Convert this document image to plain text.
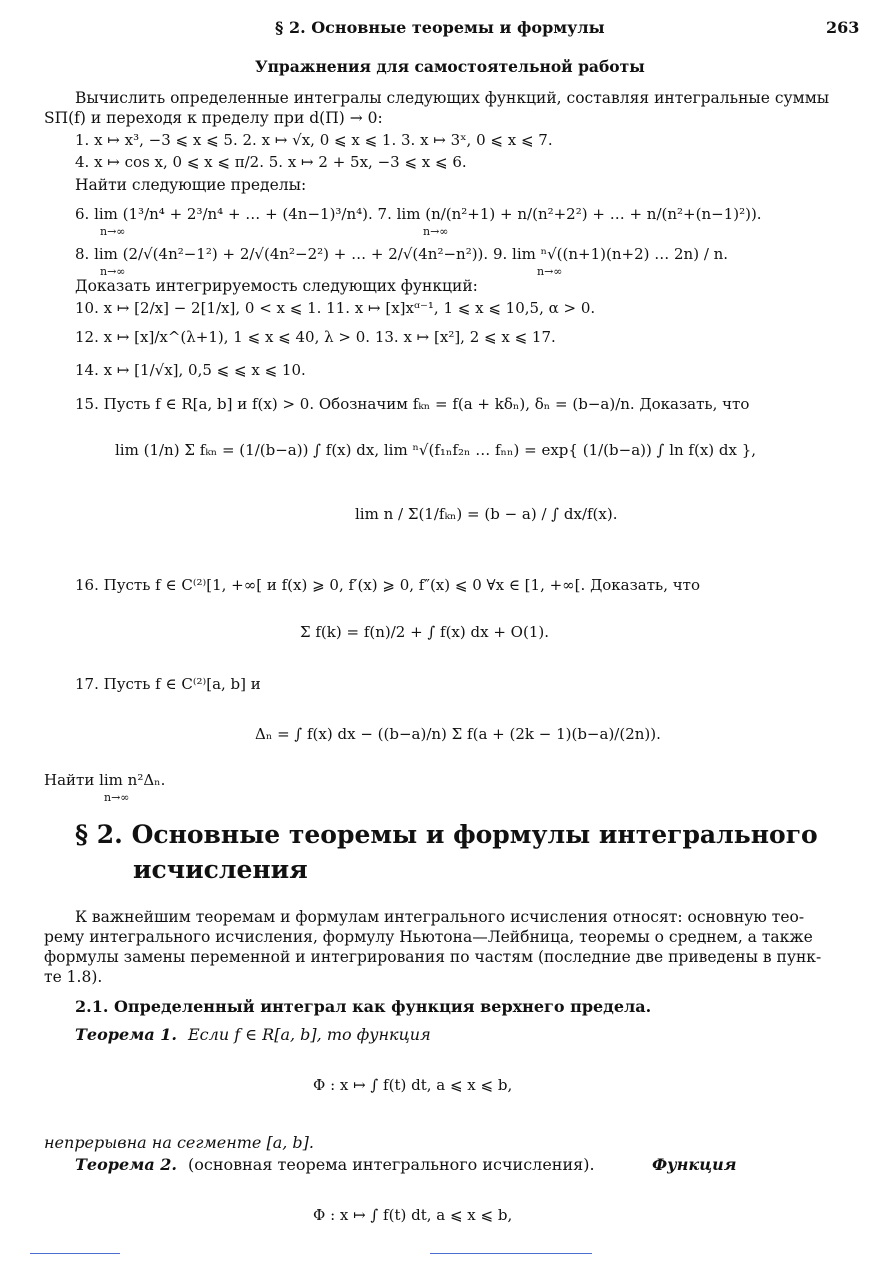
§ 2. Основные теоремы и формулы	263
Упражнения для самостоятельной работы
Вычислить определенные интегралы следующих функций, составляя интегральные суммы
SΠ(f) и переходя к пределу при d(Π) → 0:
1. x ↦ x³, −3 ⩽ x ⩽ 5. 2. x ↦ √x, 0 ⩽ x ⩽ 1. 3. x ↦ 3ˣ, 0 ⩽ x ⩽ 7.
4. x ↦ cos x, 0 ⩽ x ⩽ π/2. 5. x ↦ 2 + 5x, −3 ⩽ x ⩽ 6.
Найти следующие пределы:
6. lim (1³/n⁴ + 2³/n⁴ + … + (4n−1)³/n⁴). 7. lim (n/(n²+1) + n/(n²+2²) + … + n/(n²+(n−1)²)).
n→∞	n→∞
8. lim (2/√(4n²−1²) + 2/√(4n²−2²) + … + 2/√(4n²−n²)). 9. lim ⁿ√((n+1)(n+2) … 2n) / n.
n→∞	n→∞
Доказать интегрируемость следующих функций:
10. x ↦ [2/x] − 2[1/x], 0 < x ⩽ 1. 11. x ↦ [x]xᵅ⁻¹, 1 ⩽ x ⩽ 10,5, α > 0.
12. x ↦ [x]/x^(λ+1), 1 ⩽ x ⩽ 40, λ > 0. 13. x ↦ [x²], 2 ⩽ x ⩽ 17.
14. x ↦ [1/√x], 0,5 ⩽ ⩽ x ⩽ 10.
15. Пусть f ∈ R[a, b] и f(x) > 0. Обозначим fₖₙ = f(a + kδₙ), δₙ = (b−a)/n. Доказать, что
lim (1/n) Σ fₖₙ = (1/(b−a)) ∫ f(x) dx, lim ⁿ√(f₁ₙf₂ₙ … fₙₙ) = exp{ (1/(b−a)) ∫ ln f(x) dx },
lim n / Σ(1/fₖₙ) = (b − a) / ∫ dx/f(x).
16. Пусть f ∈ C⁽²⁾[1, +∞[ и f(x) ⩾ 0, f′(x) ⩾ 0, f″(x) ⩽ 0 ∀x ∈ [1, +∞[. Доказать, что
Σ f(k) = f(n)/2 + ∫ f(x) dx + O(1).
17. Пусть f ∈ C⁽²⁾[a, b] и
Δₙ = ∫ f(x) dx − ((b−a)/n) Σ f(a + (2k − 1)(b−a)/(2n)).
Найти lim n²Δₙ.
n→∞
§ 2. Основные теоремы и формулы интегрального
исчисления
К важнейшим теоремам и формулам интегрального исчисления относят: основную тео-
рему интегрального исчисления, формулу Ньютона—Лейбница, теоремы о среднем, а также
формулы замены переменной и интегрирования по частям (последние две приведены в пунк-
те 1.8).
2.1. Определенный интеграл как функция верхнего предела.
Теорема 1. Если f ∈ R[a, b], то функция
Φ : x ↦ ∫ f(t) dt, a ⩽ x ⩽ b,
непрерывна на сегменте [a, b].
Теорема 2. (основная теорема интегрального исчисления).	Функция
Φ : x ↦ ∫ f(t) dt, a ⩽ x ⩽ b,
